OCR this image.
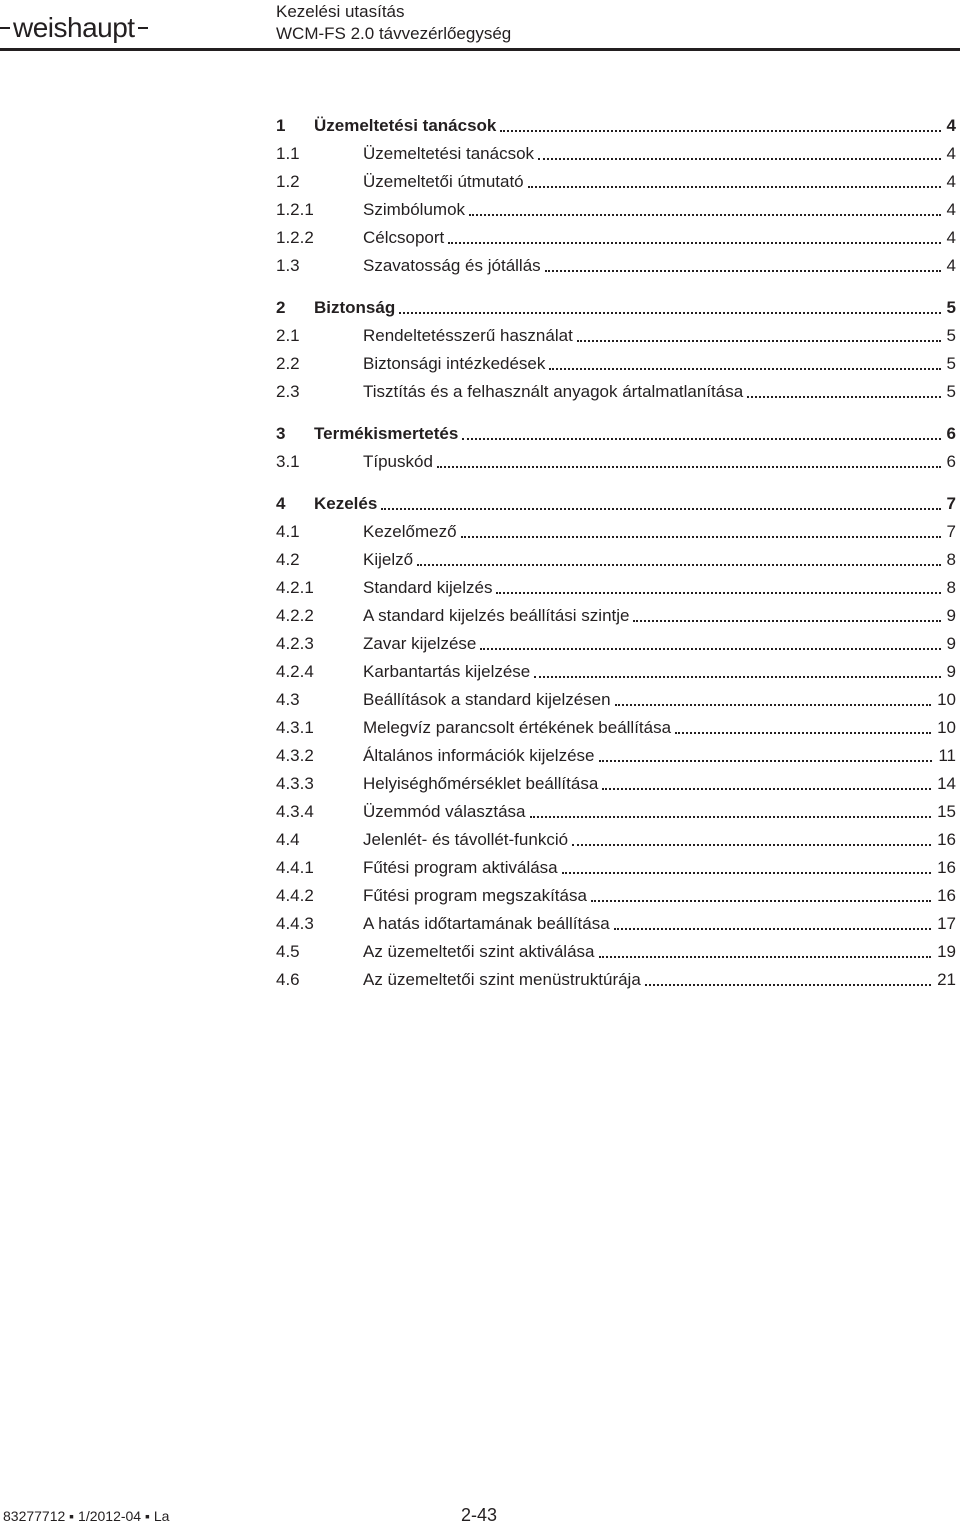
weishaupt
Kezelési utasítás
WCM-FS 2.0 távvezérlőegység
1	Üzemeltetési tanácsok	4
1.1	Üzemeltetési tanácsok	4
1.2	Üzemeltetői útmutató	4
1.2.1	Szimbólumok	4
1.2.2	Célcsoport	4
1.3	Szavatosság és jótállás	4
2	Biztonság	5
2.1	Rendeltetésszerű használat	5
2.2	Biztonsági intézkedések	5
2.3	Tisztítás és a felhasznált anyagok ártalmatlanítása	5
3	Termékismertetés	6
3.1	Típuskód	6
4	Kezelés	7
4.1	Kezelőmező	7
4.2	Kijelző	8
4.2.1	Standard kijelzés	8
4.2.2	A standard kijelzés beállítási szintje	9
4.2.3	Zavar kijelzése	9
4.2.4	Karbantartás kijelzése	9
4.3	Beállítások a standard kijelzésen	10
4.3.1	Melegvíz parancsolt értékének beállítása	10
4.3.2	Általános információk kijelzése	11
4.3.3	Helyiséghőmérséklet beállítása	14
4.3.4	Üzemmód választása	15
4.4	Jelenlét- és távollét-funkció	16
4.4.1	Fűtési program aktiválása	16
4.4.2	Fűtési program megszakítása	16
4.4.3	A hatás időtartamának beállítása	17
4.5	Az üzemeltetői szint aktiválása	19
4.6	Az üzemeltetői szint menüstruktúrája	21
83277712 ▪ 1/2012-04 ▪ La	2-43
